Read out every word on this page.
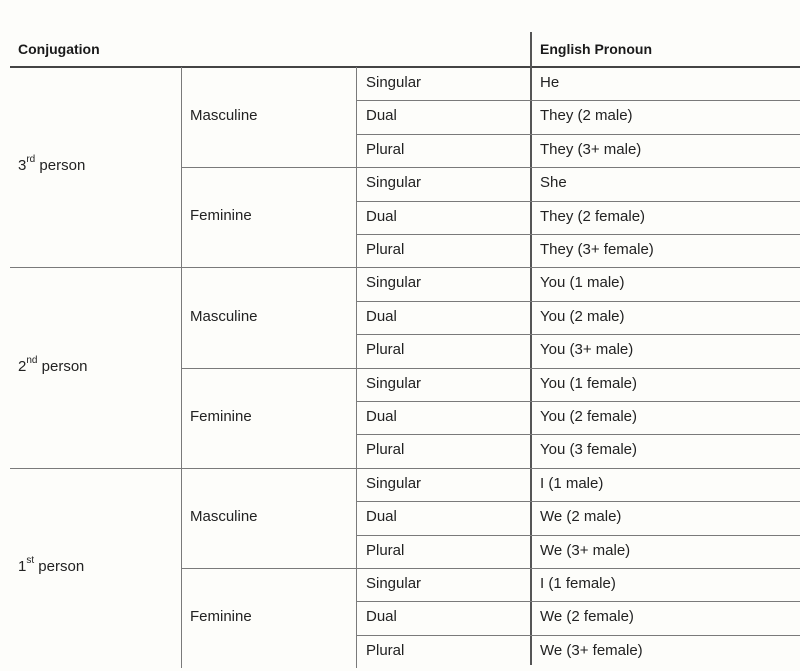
Conjugation	English Pronoun
3rd person
Masculine
Singular	He
Dual	They (2 male)
Plural	They (3+ male)
Feminine
Singular	She
Dual	They (2 female)
Plural	They (3+ female)
2nd person
Masculine
Singular	You (1 male)
Dual	You (2 male)
Plural	You (3+ male)
Feminine
Singular	You (1 female)
Dual	You (2 female)
Plural	You (3 female)
1st person
Masculine
Singular	I (1 male)
Dual	We (2 male)
Plural	We (3+ male)
Feminine
Singular	I (1 female)
Dual	We (2 female)
Plural	We (3+ female)
